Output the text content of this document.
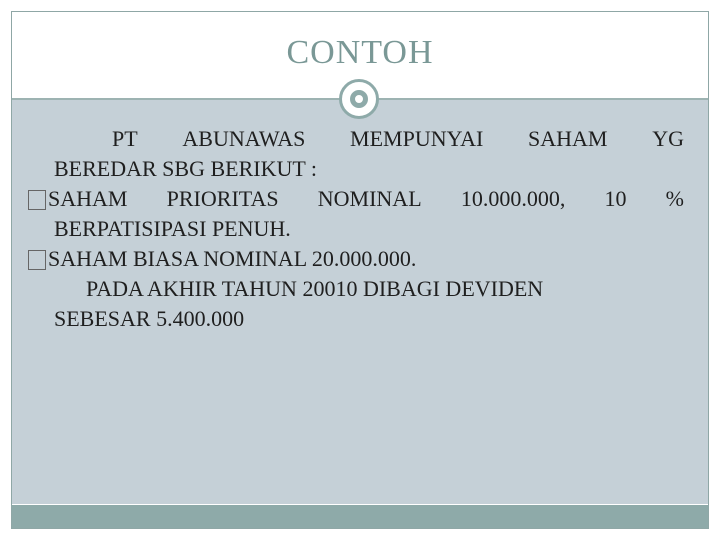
CONTOH
PT ABUNAWAS MEMPUNYAI SAHAM YG
BEREDAR SBG BERIKUT :
SAHAM PRIORITAS NOMINAL 10.000.000, 10 %
BERPATISIPASI PENUH.
SAHAM BIASA NOMINAL 20.000.000.
PADA AKHIR TAHUN 20010 DIBAGI DEVIDEN
SEBESAR 5.400.000
